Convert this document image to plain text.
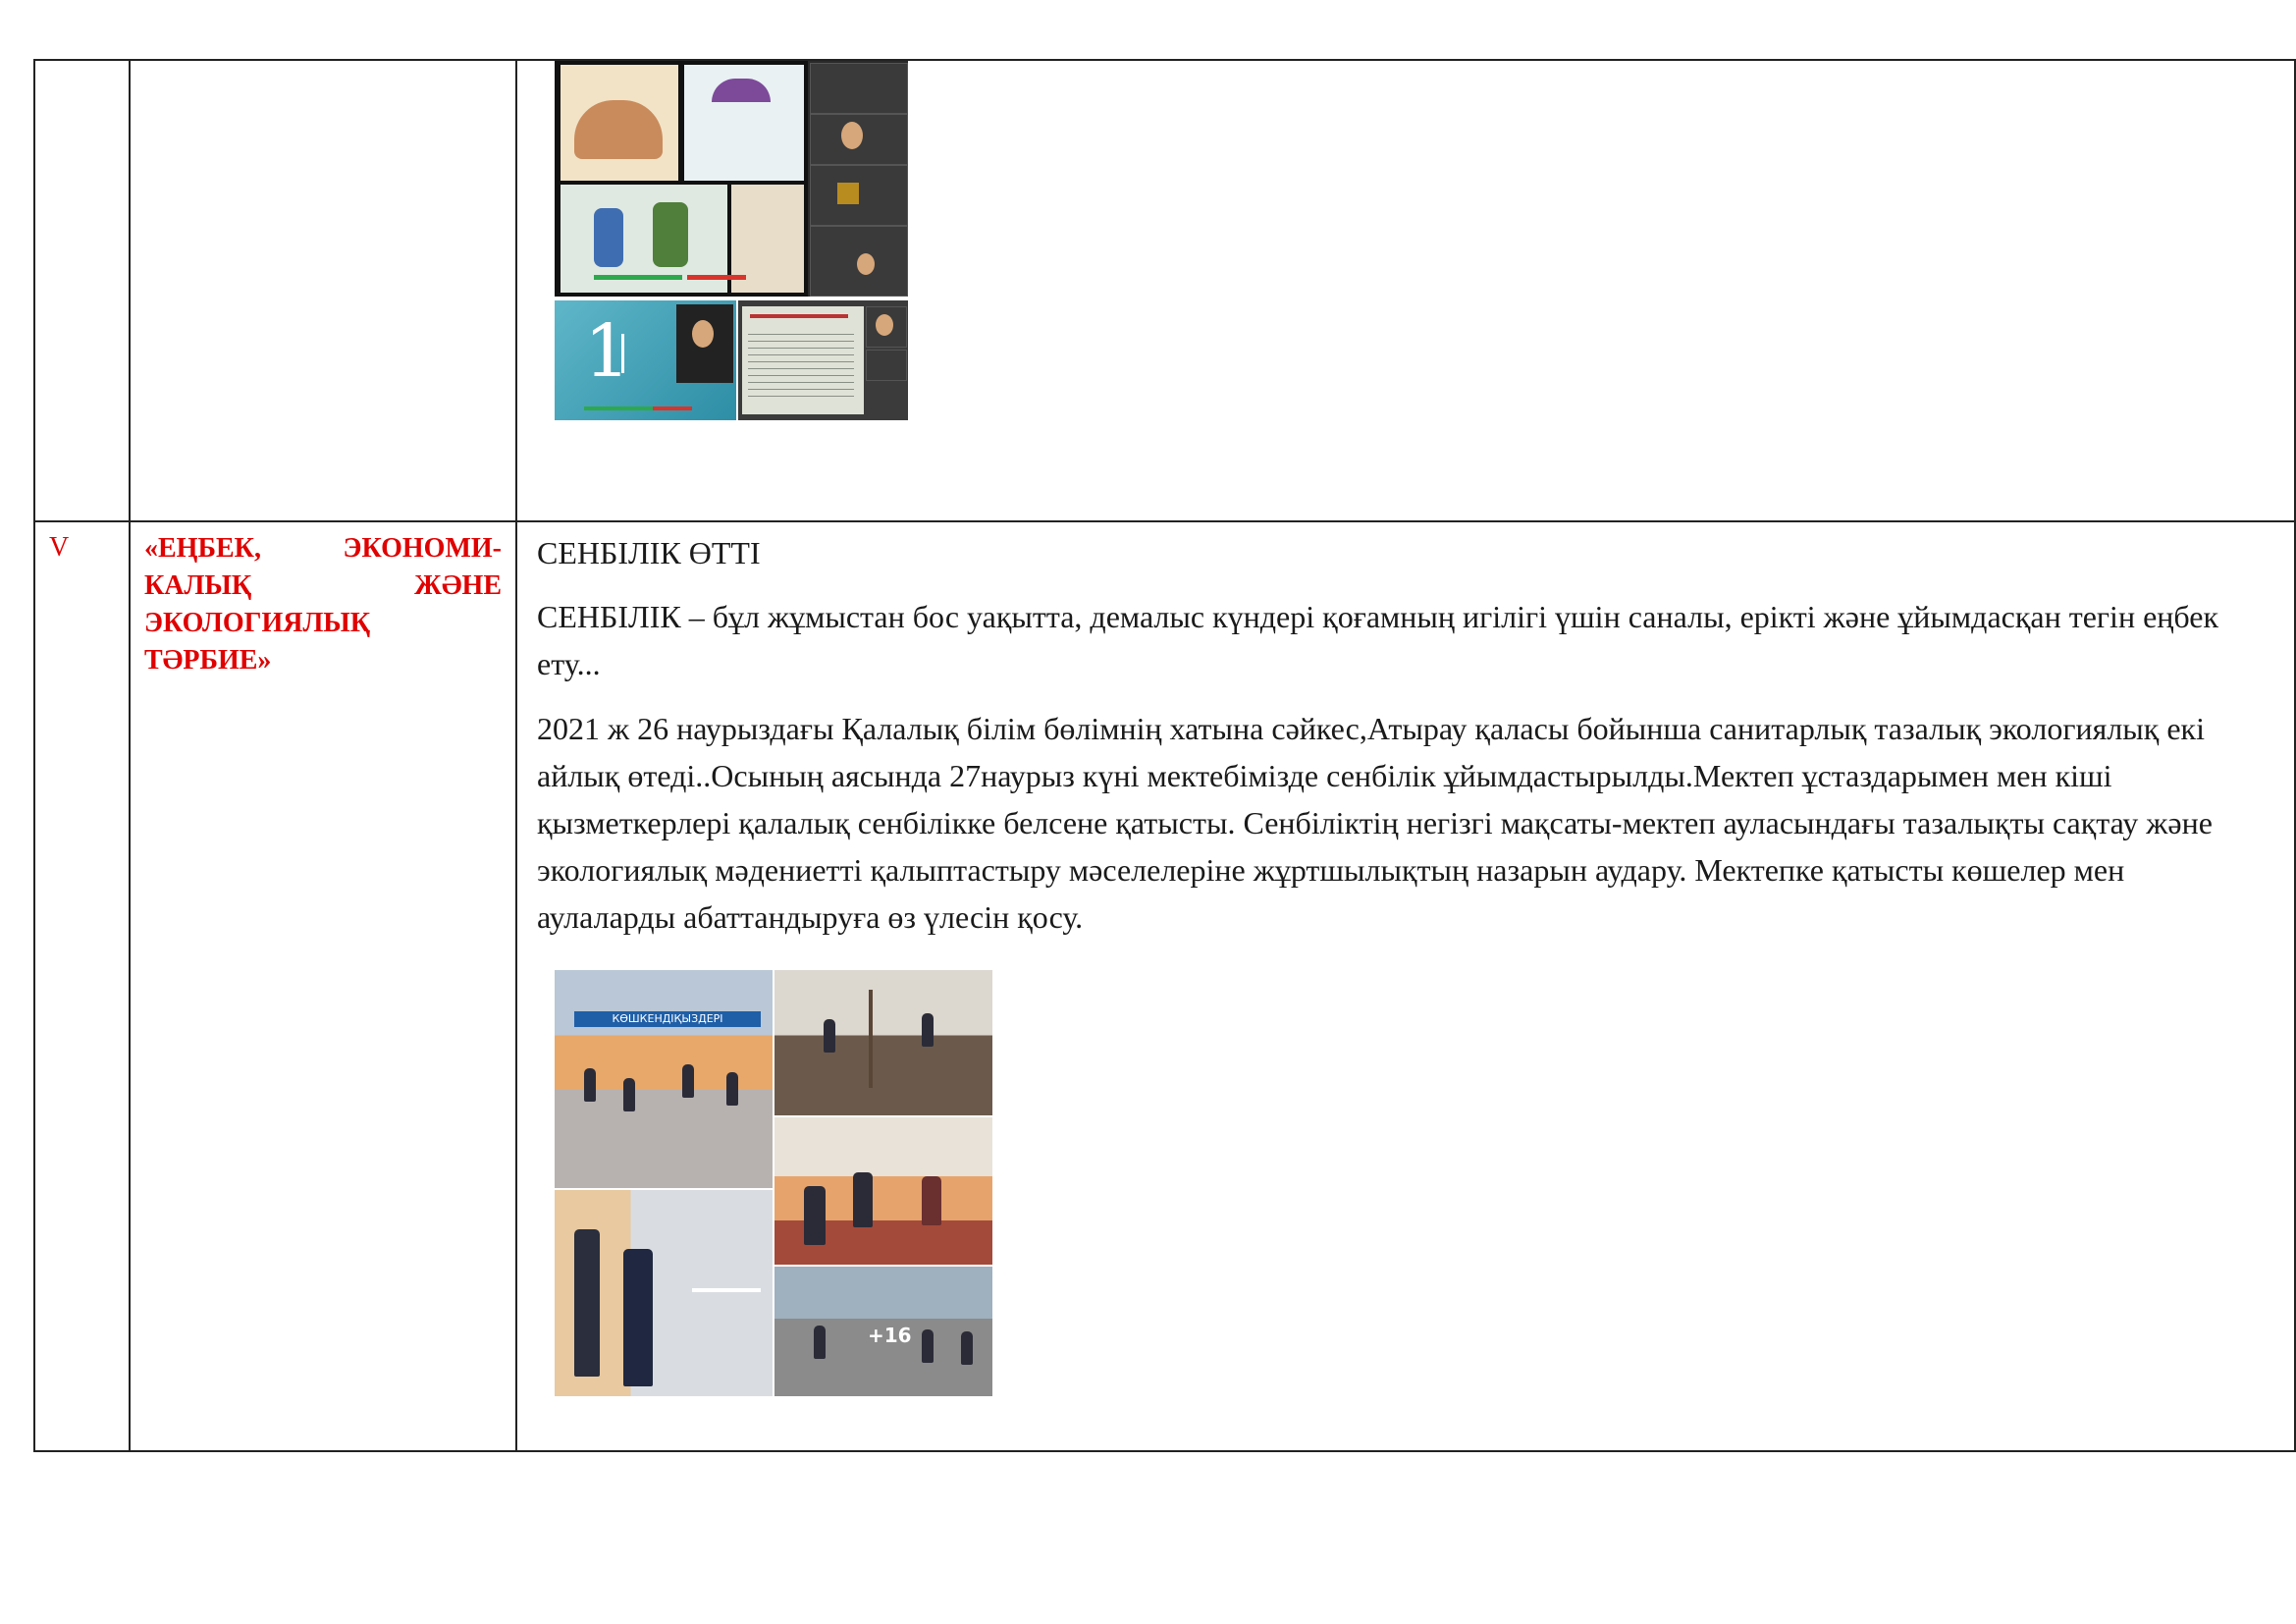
		1

V	«ЕҢБЕК, ЭКОНОМИ-КАЛЫҚ ЖӘНЕ ЭКОЛОГИЯЛЫҚ ТӘРБИЕ»	СЕНБІЛІК ӨТТІ

СЕНБІЛІК – бұл жұмыстан бос уақытта, демалыс күндері қоғамның игілігі үшін саналы, ерікті және ұйымдасқан тегін еңбек ету...

2021 ж 26 наурыздағы Қалалық білім бөлімнің хатына сәйкес,Атырау қаласы бойынша санитарлық тазалық экологиялық екі айлық өтеді..Осының аясында 27наурыз күні мектебімізде сенбілік ұйымдастырылды.Мектеп ұстаздарымен мен кіші қызметкерлері қалалық сенбілікке белсене қатысты. Сенбіліктің негізгі мақсаты-мектеп ауласындағы тазалықты сақтау және экологиялық мәдениетті қалыптастыру мәселелеріне жұртшылықтың назарын аудару. Мектепке қатысты көшелер мен аулаларды абаттандыруға өз үлесін қосу.

КӨШКЕНДІҚЫЗДЕРІ
+16
